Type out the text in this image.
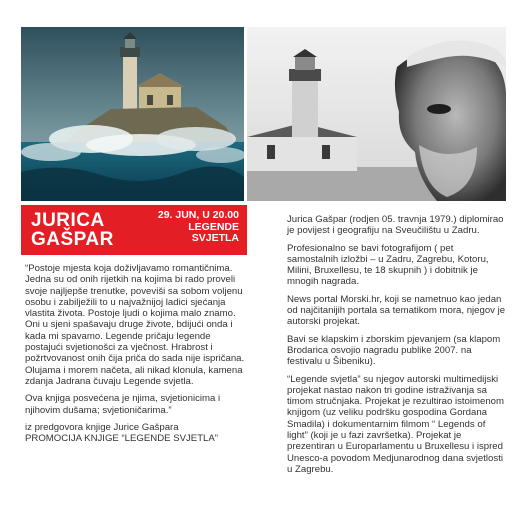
JURICA
GAŠPAR
29. JUN, U 20.00
LEGENDE
SVJETLA

“Postoje mjesta koja doživljavamo romantičnima. Jedna su od onih rijetkih na kojima bi rado proveli svoje najljepše trenutke, poveviši sa sobom voljenu osobu i zabilježili to u najvažnijoj ladici sjećanja vlastita života. Postoje ljudi o kojima malo znamo. Oni u sjeni spašavaju druge živote, bdijući onda i kada mi spavamo. Legende pričaju legende postajući svjetionošci za vječnost. Hrabrost i požrtvovanost onih čija priča do sada nije ispričana. Olujama i morem načeta, ali nikad klonula, kamena zdanja Jadrana čuvaju Legende svjetla.

Ova knjiga posvećena je njima, svjetionicima i njihovim dušama; svjetioničarima.”

iz predgovora knjige Jurice Gašpara
PROMOCIJA KNJIGE “LEGENDE SVJETLA”

Jurica Gašpar (rodjen 05. travnja 1979.) diplomirao je povijest i geografiju na Sveučilištu u Zadru.

Profesionalno se bavi fotografijom ( pet samostalnih izložbi – u Zadru, Zagrebu, Kotoru, Milini, Bruxellesu, te 18 skupnih ) i dobitnik je mnogih nagrada.

News portal Morski.hr, koji se nametnuo kao jedan od najčitanijih portala sa tematikom mora, njegov je autorski projekat.

Bavi se klapskim i zborskim pjevanjem (sa klapom Brodarica osvojio nagradu publike 2007. na festivalu u Šibeniku).

“Legende svjetla” su njegov autorski multimedijski projekat nastao nakon tri godine istraživanja sa timom stručnjaka. Projekat je rezultirao istoimenom knjigom (uz veliku podršku gospodina Gordana Smadila) i dokumentarnim filmom “ Legends of light” (koji je u fazi završetka). Projekat je prezentiran u Europarlamentu u Bruxellesu i ispred Unesco-a povodom Medjunarodnog dana svjetlosti u Zagrebu.
